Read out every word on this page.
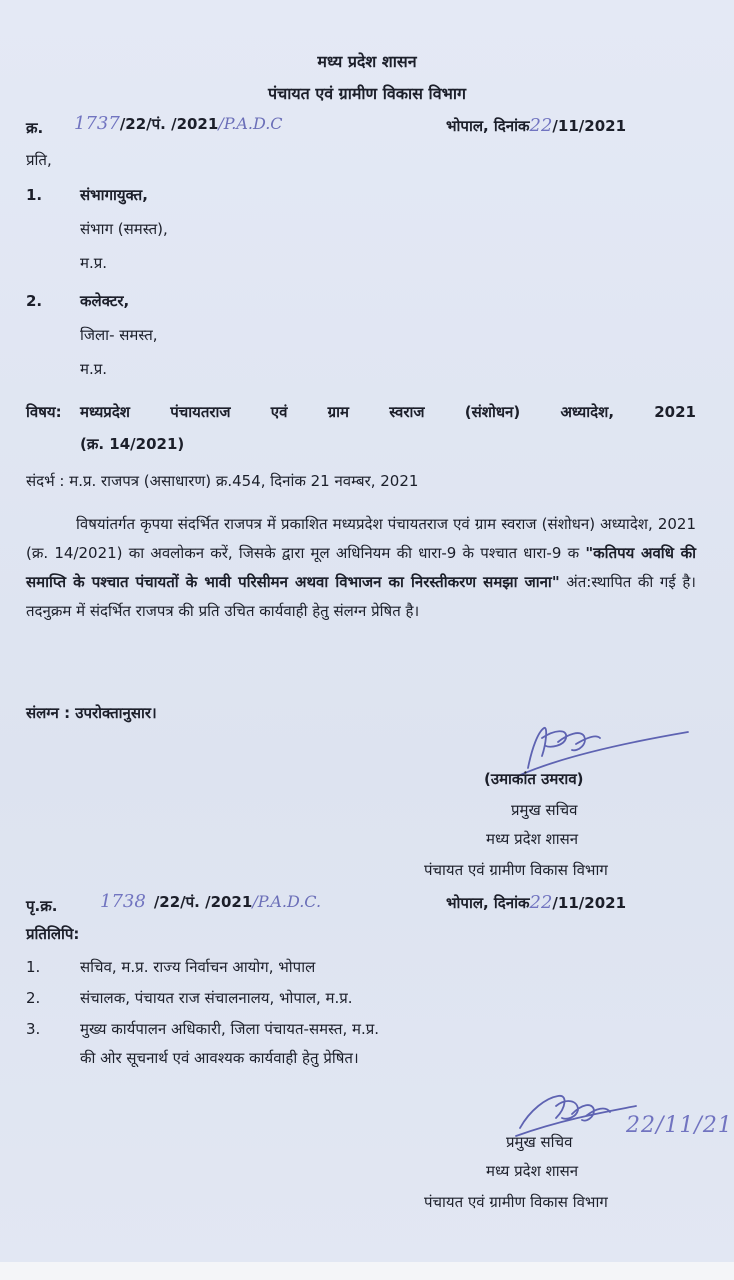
मध्य प्रदेश शासन
पंचायत एवं ग्रामीण विकास विभाग
क्र. 1737/22/पं. /2021/P.A.D.C	भोपाल, दिनांक22/11/2021
प्रति,
1.	संभागायुक्त,
संभाग (समस्त),
म.प्र.
2.	कलेक्टर,
जिला- समस्त,
म.प्र.
विषय: मध्यप्रदेश पंचायतराज एवं ग्राम स्वराज (संशोधन) अध्यादेश, 2021
(क्र. 14/2021)
संदर्भ : म.प्र. राजपत्र (असाधारण) क्र.454, दिनांक 21 नवम्बर, 2021
विषयांतर्गत कृपया संदर्भित राजपत्र में प्रकाशित मध्यप्रदेश पंचायतराज एवं ग्राम स्वराज (संशोधन) अध्यादेश, 2021 (क्र. 14/2021) का अवलोकन करें, जिसके द्वारा मूल अधिनियम की धारा-9 के पश्चात धारा-9 क "कतिपय अवधि की समाप्ति के पश्चात पंचायतों के भावी परिसीमन अथवा विभाजन का निरस्तीकरण समझा जाना" अंत:स्थापित की गई है। तदनुक्रम में संदर्भित राजपत्र की प्रति उचित कार्यवाही हेतु संलग्न प्रेषित है।
संलग्न : उपरोक्तानुसार।
(उमाकांत उमराव)
प्रमुख सचिव
मध्य प्रदेश शासन
पंचायत एवं ग्रामीण विकास विभाग
पृ.क्र. 1738 /22/पं. /2021/P.A.D.C.	भोपाल, दिनांक22/11/2021
प्रतिलिपि:
1.	सचिव, म.प्र. राज्य निर्वाचन आयोग, भोपाल
2.	संचालक, पंचायत राज संचालनालय, भोपाल, म.प्र.
3.	मुख्य कार्यपालन अधिकारी, जिला पंचायत-समस्त, म.प्र.
की ओर सूचनार्थ एवं आवश्यक कार्यवाही हेतु प्रेषित।
22/11/21
प्रमुख सचिव
मध्य प्रदेश शासन
पंचायत एवं ग्रामीण विकास विभाग
